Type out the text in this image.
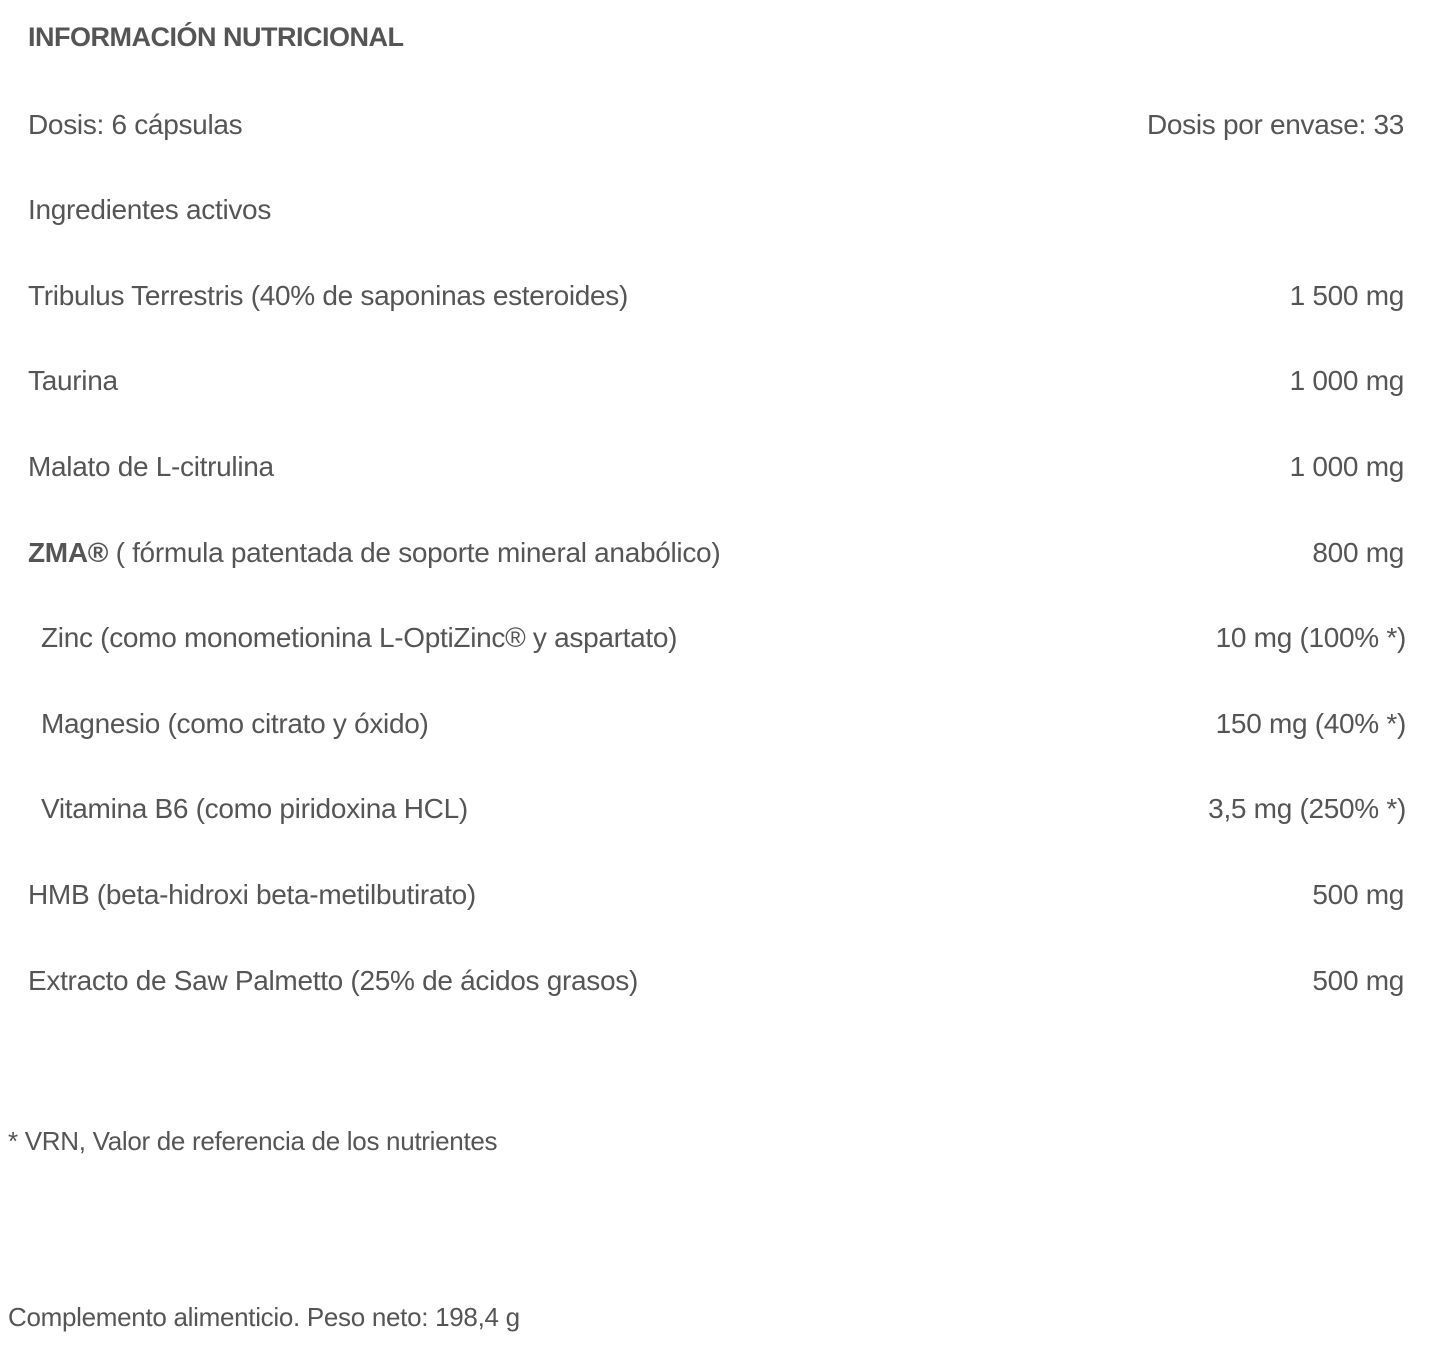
INFORMACIÓN NUTRICIONAL
Dosis: 6 cápsulas	Dosis por envase: 33
Ingredientes activos
Tribulus Terrestris (40% de saponinas esteroides)	1 500 mg
Taurina	1 000 mg
Malato de L-citrulina	1 000 mg
ZMA® ( fórmula patentada de soporte mineral anabólico)	800 mg
Zinc (como monometionina L-OptiZinc® y aspartato)	10 mg (100% *)
Magnesio (como citrato y óxido)	150 mg (40% *)
Vitamina B6 (como piridoxina HCL)	3,5 mg (250% *)
HMB (beta-hidroxi beta-metilbutirato)	500 mg
Extracto de Saw Palmetto (25% de ácidos grasos)	500 mg
* VRN, Valor de referencia de los nutrientes
Complemento alimenticio. Peso neto: 198,4 g
